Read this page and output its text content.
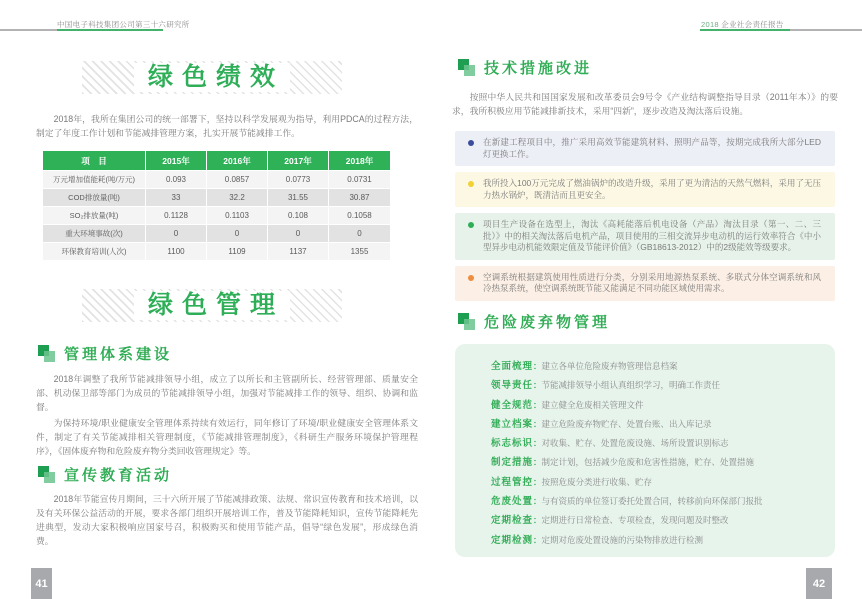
中国电子科技集团公司第三十六研究所
绿色绩效

2018年，我所在集团公司的统一部署下，坚持以科学发展观为指导，利用PDCA的过程方法，制定了年度工作计划和节能减排管理方案，扎实开展节能减排工作。

项　目	2015年	2016年	2017年	2018年
万元增加值能耗(吨/万元)	0.093	0.0857	0.0773	0.0731
COD排放量(吨)	33	32.2	31.55	30.87
SO₂排放量(吨)	0.1128	0.1103	0.108	0.1058
重大环境事故(次)	0	0	0	0
环保教育培训(人次)	1100	1109	1137	1355
绿色管理
管理体系建设

2018年调整了我所节能减排领导小组，成立了以所长和主管副所长、经营管理部、质量安全部、机动保卫部等部门为成员的节能减排领导小组，加强对节能减排工作的领导、组织、协调和监督。

为保持环境/职业健康安全管理体系持续有效运行，同年修订了环境/职业健康安全管理体系文件，制定了有关节能减排相关管理制度，《节能减排管理制度》，《科研生产服务环境保护管理程序》，《固体废弃物和危险废弃物分类回收管理规定》等。

宣传教育活动

2018年节能宣传月期间，三十六所开展了节能减排政策、法规、常识宣传教育和技术培训，以及有关环保公益活动的开展，要求各部门组织开展培训工作，普及节能降耗知识，宣传节能降耗先进典型，发动大家积极响应国家号召，积极购买和使用节能产品，倡导“绿色发展”，形成绿色消费。

41
2018 企业社会责任报告
技术措施改进

按照中华人民共和国国家发展和改革委员会9号令《产业结构调整指导目录（2011年本）》的要求，我所积极应用节能减排新技术，采用“四新”，逐步改造及淘汰落后设施。

在新建工程项目中，推广采用高效节能建筑材料、照明产品等，按期完成我所大部分LED灯更换工作。
我所投入100万元完成了燃油锅炉的改造升级，采用了更为清洁的天然气燃料，采用了无压力热水锅炉，既清洁而且更安全。
项目生产设备在选型上，淘汰《高耗能落后机电设备（产品）淘汰目录（第一、二、三批）》中的相关淘汰落后电机产品，项目使用的三相交流异步电动机的运行效率符合《中小型异步电动机能效限定值及节能评价值》（GB18613-2012）中的2级能效等级要求。
空调系统根据建筑使用性质进行分类，分别采用地源热泵系统、多联式分体空调系统和风冷热泵系统，使空调系统既节能又能满足不同功能区域使用需求。
危险废弃物管理
全面梳理：建立各单位危险废弃物管理信息档案
领导责任：节能减排领导小组认真组织学习，明确工作责任
健全规范：建立健全危废相关管理文件
建立档案：建立危险废弃物贮存、处置台账、出入库记录
标志标识：对收集、贮存、处置危废设施、场所设置识别标志
制定措施：制定计划，包括减少危废和危害性措施，贮存、处置措施
过程管控：按照危废分类进行收集、贮存
危废处置：与有资质的单位签订委托处置合同，转移前向环保部门报批
定期检查：定期进行日常检查、专项检查，发现问题及时整改
定期检测：定期对危废处置设施的污染物排放进行检测
42
